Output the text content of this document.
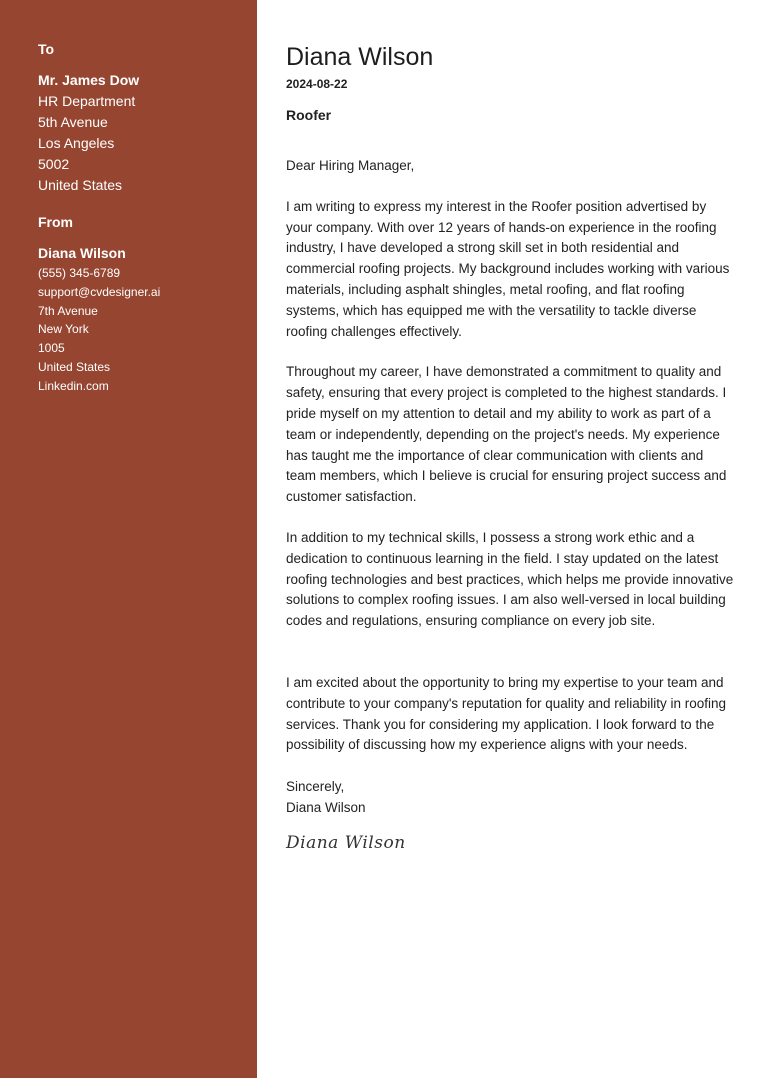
To
Mr. James Dow
HR Department
5th Avenue
Los Angeles
5002
United States
From
Diana Wilson
(555) 345-6789
support@cvdesigner.ai
7th Avenue
New York
1005
United States
Linkedin.com
Diana Wilson
2024-08-22
Roofer

Dear Hiring Manager,

I am writing to express my interest in the Roofer position advertised by your company. With over 12 years of hands-on experience in the roofing industry, I have developed a strong skill set in both residential and commercial roofing projects. My background includes working with various materials, including asphalt shingles, metal roofing, and flat roofing systems, which has equipped me with the versatility to tackle diverse roofing challenges effectively.

Throughout my career, I have demonstrated a commitment to quality and safety, ensuring that every project is completed to the highest standards. I pride myself on my attention to detail and my ability to work as part of a team or independently, depending on the project's needs. My experience has taught me the importance of clear communication with clients and team members, which I believe is crucial for ensuring project success and customer satisfaction.

In addition to my technical skills, I possess a strong work ethic and a dedication to continuous learning in the field. I stay updated on the latest roofing technologies and best practices, which helps me provide innovative solutions to complex roofing issues. I am also well-versed in local building codes and regulations, ensuring compliance on every job site.

I am excited about the opportunity to bring my expertise to your team and contribute to your company's reputation for quality and reliability in roofing services. Thank you for considering my application. I look forward to the possibility of discussing how my experience aligns with your needs.

Sincerely,

Diana Wilson

Diana Wilson
